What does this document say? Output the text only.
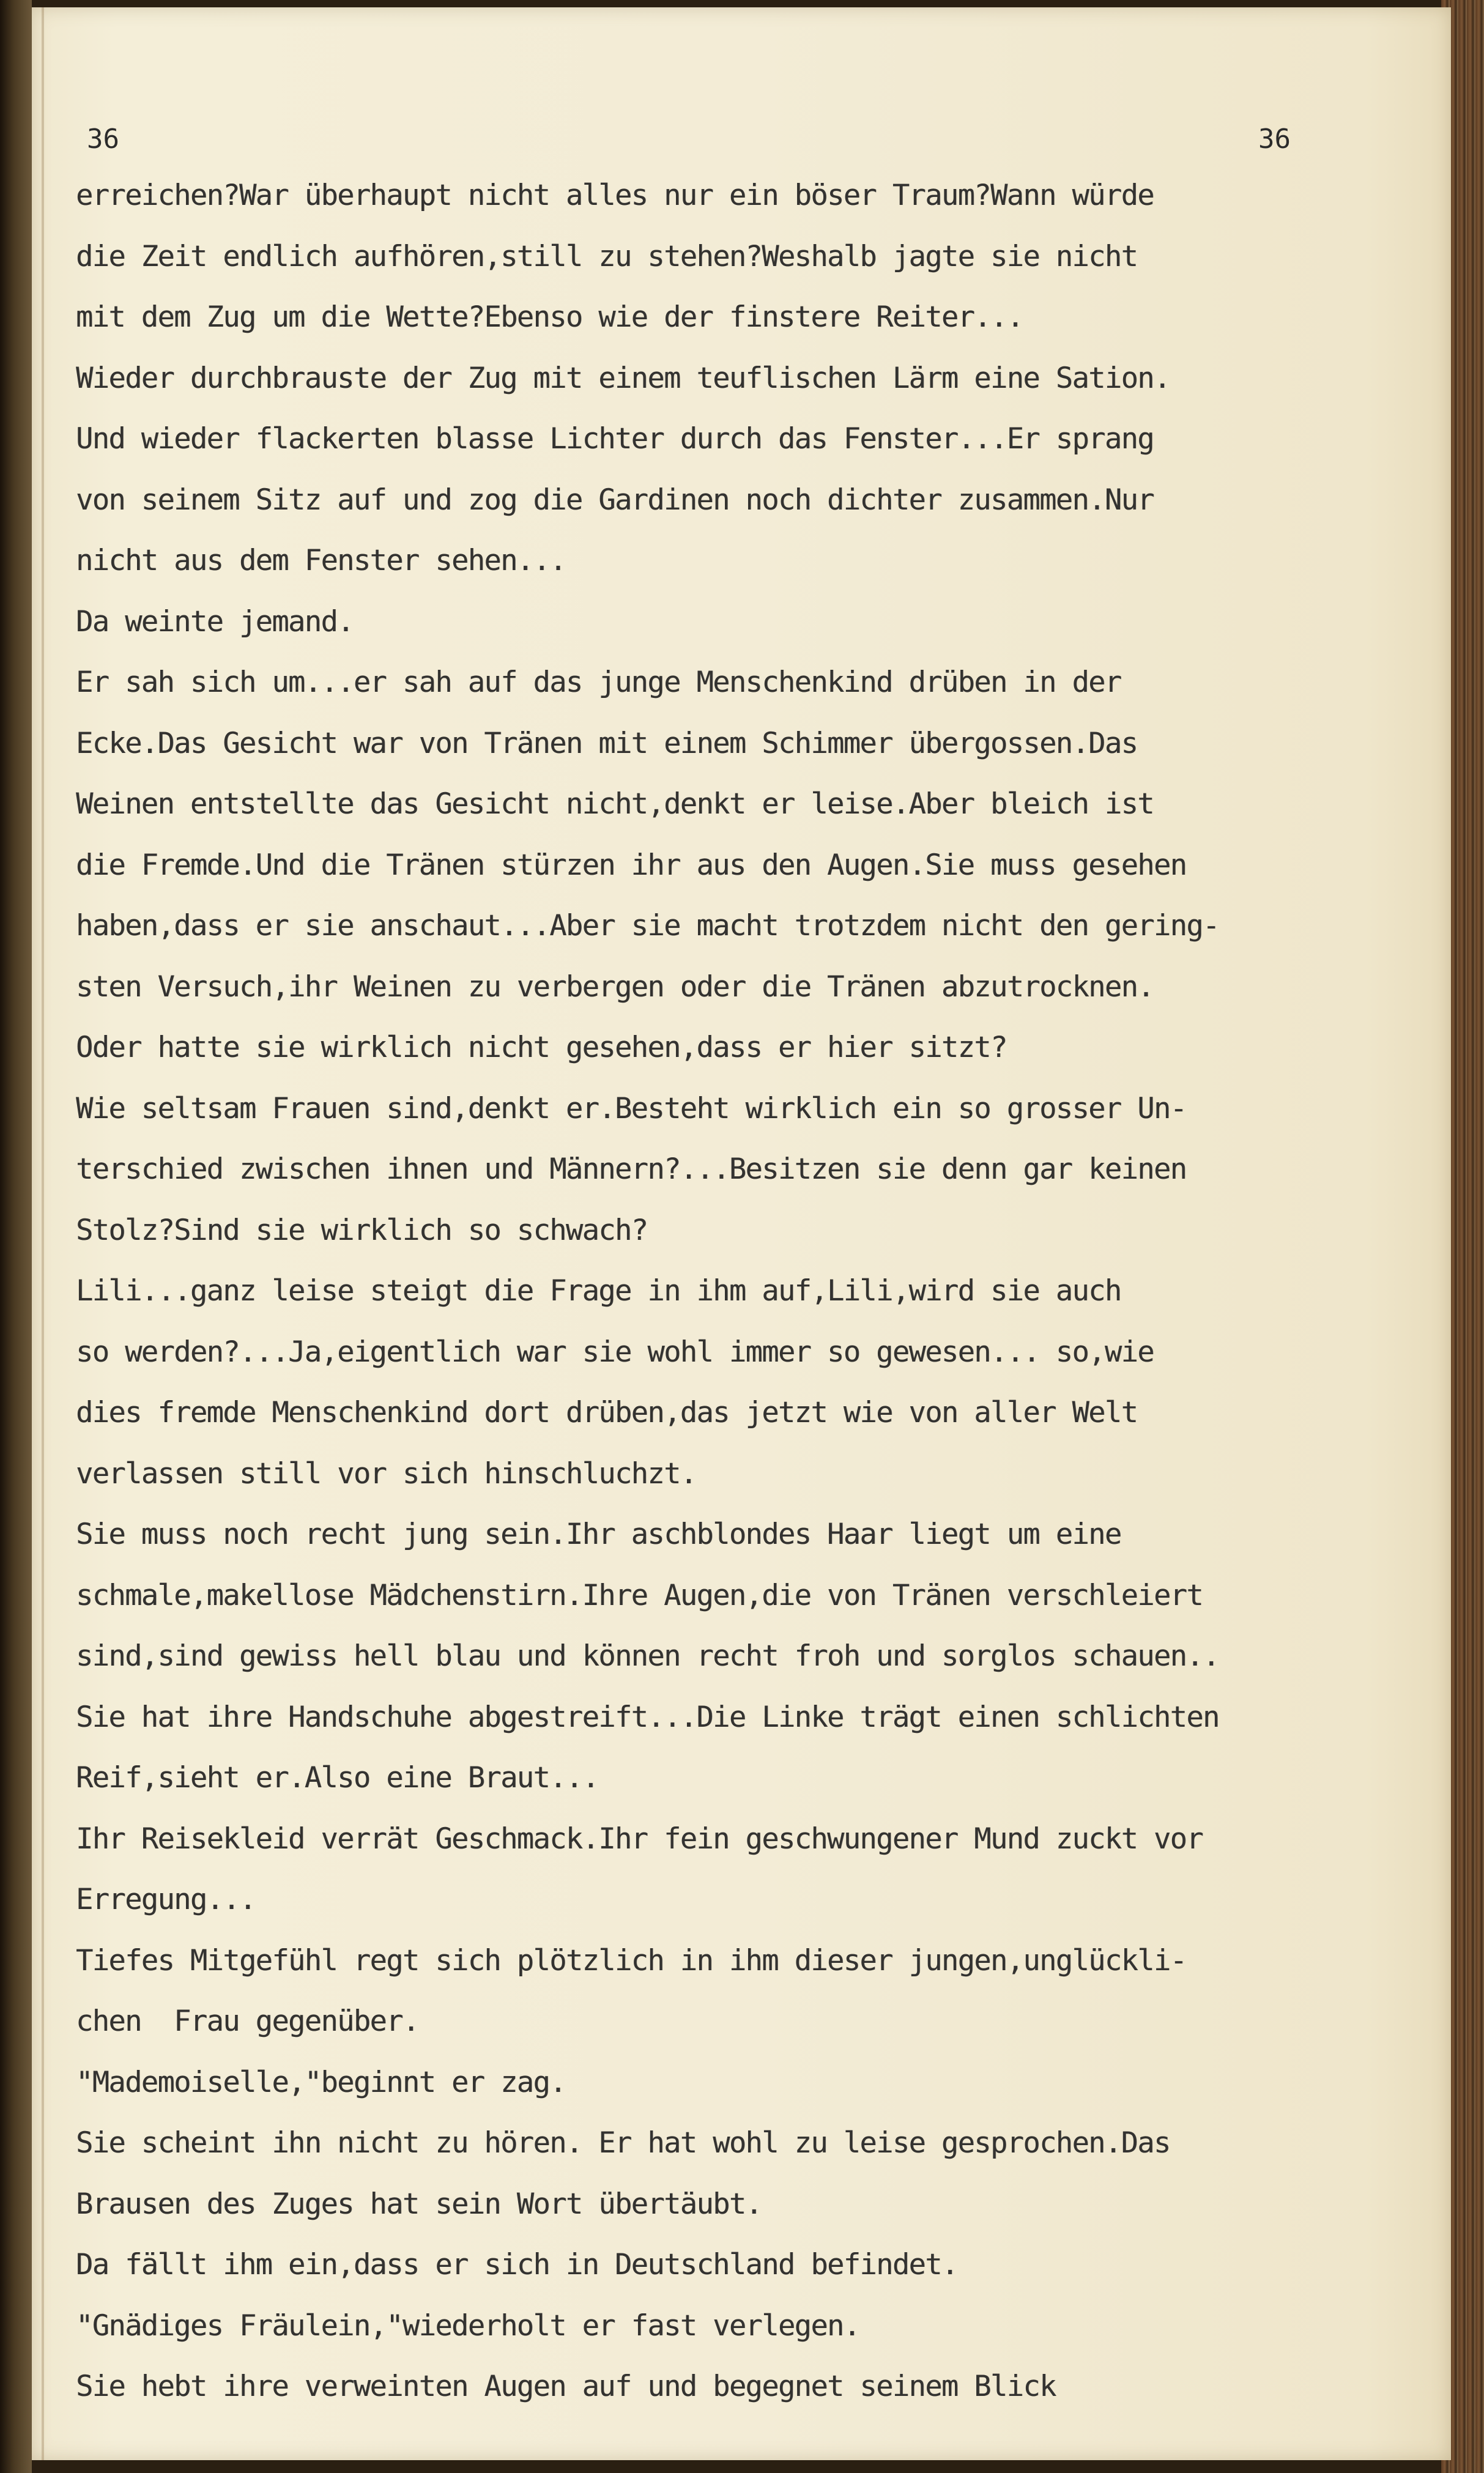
36	36
erreichen?War überhaupt nicht alles nur ein böser Traum?Wann würde
die Zeit endlich aufhören,still zu stehen?Weshalb jagte sie nicht
mit dem Zug um die Wette?Ebenso wie der finstere Reiter...
Wieder durchbrauste der Zug mit einem teuflischen Lärm eine Sation.
Und wieder flackerten blasse Lichter durch das Fenster...Er sprang
von seinem Sitz auf und zog die Gardinen noch dichter zusammen.Nur
nicht aus dem Fenster sehen...
Da weinte jemand.
Er sah sich um...er sah auf das junge Menschenkind drüben in der
Ecke.Das Gesicht war von Tränen mit einem Schimmer übergossen.Das
Weinen entstellte das Gesicht nicht,denkt er leise.Aber bleich ist
die Fremde.Und die Tränen stürzen ihr aus den Augen.Sie muss gesehen
haben,dass er sie anschaut...Aber sie macht trotzdem nicht den gering-
sten Versuch,ihr Weinen zu verbergen oder die Tränen abzutrocknen.
Oder hatte sie wirklich nicht gesehen,dass er hier sitzt?
Wie seltsam Frauen sind,denkt er.Besteht wirklich ein so grosser Un-
terschied zwischen ihnen und Männern?...Besitzen sie denn gar keinen
Stolz?Sind sie wirklich so schwach?
Lili...ganz leise steigt die Frage in ihm auf,Lili,wird sie auch
so werden?...Ja,eigentlich war sie wohl immer so gewesen... so,wie
dies fremde Menschenkind dort drüben,das jetzt wie von aller Welt
verlassen still vor sich hinschluchzt.
Sie muss noch recht jung sein.Ihr aschblondes Haar liegt um eine
schmale,makellose Mädchenstirn.Ihre Augen,die von Tränen verschleiert
sind,sind gewiss hell blau und können recht froh und sorglos schauen..
Sie hat ihre Handschuhe abgestreift...Die Linke trägt einen schlichten
Reif,sieht er.Also eine Braut...
Ihr Reisekleid verrät Geschmack.Ihr fein geschwungener Mund zuckt vor
Erregung...
Tiefes Mitgefühl regt sich plötzlich in ihm dieser jungen,unglückli-
chen  Frau gegenüber.
"Mademoiselle,"beginnt er zag.
Sie scheint ihn nicht zu hören. Er hat wohl zu leise gesprochen.Das
Brausen des Zuges hat sein Wort übertäubt.
Da fällt ihm ein,dass er sich in Deutschland befindet.
"Gnädiges Fräulein,"wiederholt er fast verlegen.
Sie hebt ihre verweinten Augen auf und begegnet seinem Blick
